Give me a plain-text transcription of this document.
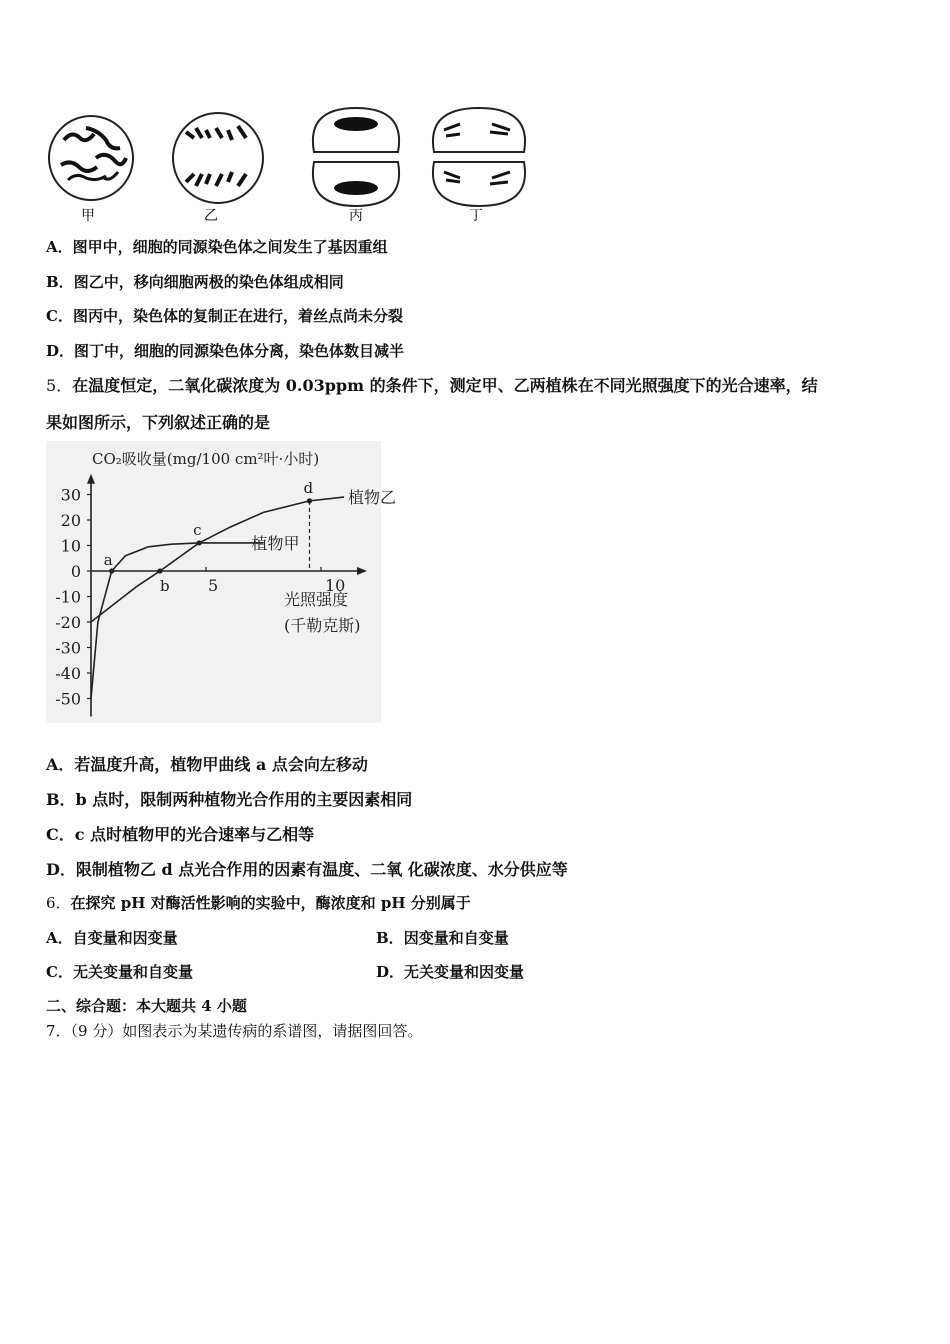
甲	乙	丙	丁
A．图甲中，细胞的同源染色体之间发生了基因重组
B．图乙中，移向细胞两极的染色体组成相同
C．图丙中，染色体的复制正在进行，着丝点尚未分裂
D．图丁中，细胞的同源染色体分离，染色体数目减半
5．在温度恒定，二氧化碳浓度为 0.03ppm 的条件下，测定甲、乙两植株在不同光照强度下的光合速率，结
果如图所示，下列叙述正确的是
CO₂吸收量(mg/100 cm²叶·小时)
光照强度
(千勒克斯)
30
20
10
0
-10
-20
-30
-40
-50
5	10
植物甲
植物乙
a
b
c
d
A．若温度升高，植物甲曲线 a 点会向左移动
B．b 点时，限制两种植物光合作用的主要因素相同
C．c 点时植物甲的光合速率与乙相等
D．限制植物乙 d 点光合作用的因素有温度、二氧 化碳浓度、水分供应等
6．在探究 pH 对酶活性影响的实验中，酶浓度和 pH 分别属于
A．自变量和因变量	B．因变量和自变量
C．无关变量和自变量	D．无关变量和因变量
二、综合题：本大题共 4 小题
7．（9 分）如图表示为某遗传病的系谱图，请据图回答。
